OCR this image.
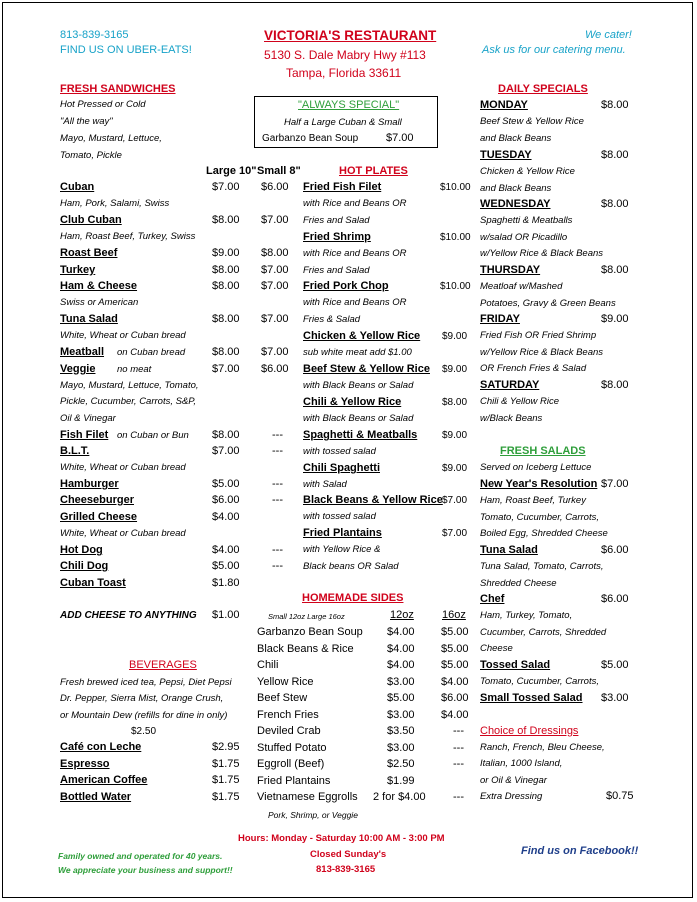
813-839-3165
FIND US ON UBER-EATS!
VICTORIA'S RESTAURANT
5130 S. Dale Mabry Hwy #113
Tampa, Florida 33611
We cater!
Ask us for our catering menu.
FRESH SANDWICHES
Hot Pressed or Cold
"All the way"
Mayo, Mustard, Lettuce,
Tomato, Pickle
Large 10" Small 8"
Cuban	$7.00 $6.00
Ham, Pork, Salami, Swiss
Club Cuban	$8.00 $7.00
Ham, Roast Beef, Turkey, Swiss
Roast Beef	$9.00 $8.00
Turkey	$8.00 $7.00
Ham & Cheese	$8.00 $7.00
Swiss or American
Tuna Salad	$8.00 $7.00
White, Wheat or Cuban bread
Meatball on Cuban bread $8.00 $7.00
Veggie no meat	$7.00 $6.00
Fish Filet on Cuban or Bun $8.00	---
B.L.T.	$7.00	---
White, Wheat or Cuban bread
Hamburger	$5.00	---
Cheeseburger	$6.00	---
Grilled Cheese	$4.00
White, Wheat or Cuban bread
Hot Dog	$4.00	---
Chili Dog	$5.00	---
Cuban Toast	$1.80
Mayo, Mustard, Lettuce, Tomato,
Pickle, Cucumber, Carrots, S&P,
Oil & Vinegar
ADD CHEESE TO ANYTHING $1.00
"ALWAYS SPECIAL"
Half a Large Cuban & Small
Garbanzo Bean Soup	$7.00
HOT PLATES
Fried Fish Filet	$10.00
with Rice and Beans OR
Fries and Salad
Fried Shrimp	$10.00
with Rice and Beans OR
Fries and Salad
Fried Pork Chop	$10.00
with Rice and Beans OR
Fries & Salad
Chicken & Yellow Rice $9.00
sub white meat add $1.00
Beef Stew & Yellow Rice $9.00
with Black Beans or Salad
Chili & Yellow Rice	$8.00
with Black Beans or Salad
Spaghetti & Meatballs $9.00
with tossed salad
Chili Spaghetti	$9.00
with Salad
Black Beans & Yellow Rice $7.00
with tossed salad
Fried Plantains	$7.00
with Yellow Rice &
Black beans OR Salad
HOMEMADE SIDES
Small 12oz Large 16oz	12oz	16oz
Garbanzo Bean Soup $4.00 $5.00
Black Beans & Rice	$4.00 $5.00
Chili	$4.00 $5.00
Yellow Rice	$3.00 $4.00
Beef Stew	$5.00 $6.00
French Fries	$3.00 $4.00
Deviled Crab	$3.50	---
Stuffed Potato	$3.00	---
Eggroll (Beef)	$2.50	---
Fried Plantains	$1.99
Vietnamese Eggrolls 2 for $4.00 ---
Pork, Shrimp, or Veggie
BEVERAGES
Fresh brewed iced tea, Pepsi, Diet Pepsi
Dr. Pepper, Sierra Mist, Orange Crush,
or Mountain Dew (refills for dine in only)
$2.50
Café con Leche	$2.95
Espresso	$1.75
American Coffee	$1.75
Bottled Water	$1.75
DAILY SPECIALS
MONDAY	$8.00
Beef Stew & Yellow Rice
and Black Beans
TUESDAY	$8.00
Chicken & Yellow Rice
and Black Beans
WEDNESDAY	$8.00
Spaghetti & Meatballs
w/salad OR Picadillo
w/Yellow Rice & Black Beans
THURSDAY	$8.00
Meatloaf w/Mashed
Potatoes, Gravy & Green Beans
FRIDAY	$9.00
Fried Fish OR Fried Shrimp
w/Yellow Rice & Black Beans
OR French Fries & Salad
SATURDAY	$8.00
Chili & Yellow Rice
w/Black Beans
FRESH SALADS
Served on Iceberg Lettuce
New Year's Resolution $7.00
Ham, Roast Beef, Turkey
Tomato, Cucumber, Carrots,
Boiled Egg, Shredded Cheese
Tuna Salad	$6.00
Tuna Salad, Tomato, Carrots,
Shredded Cheese
Chef	$6.00
Ham, Turkey, Tomato,
Cucumber, Carrots, Shredded
Cheese
Tossed Salad	$5.00
Tomato, Cucumber, Carrots,
Small Tossed Salad $3.00
Choice of Dressings
Ranch, French, Bleu Cheese,
Italian, 1000 Island,
or Oil & Vinegar
Extra Dressing	$0.75
Hours: Monday - Saturday 10:00 AM - 3:00 PM
Closed Sunday's
813-839-3165
Family owned and operated for 40 years.
We appreciate your business and support!!
Find us on Facebook!!
